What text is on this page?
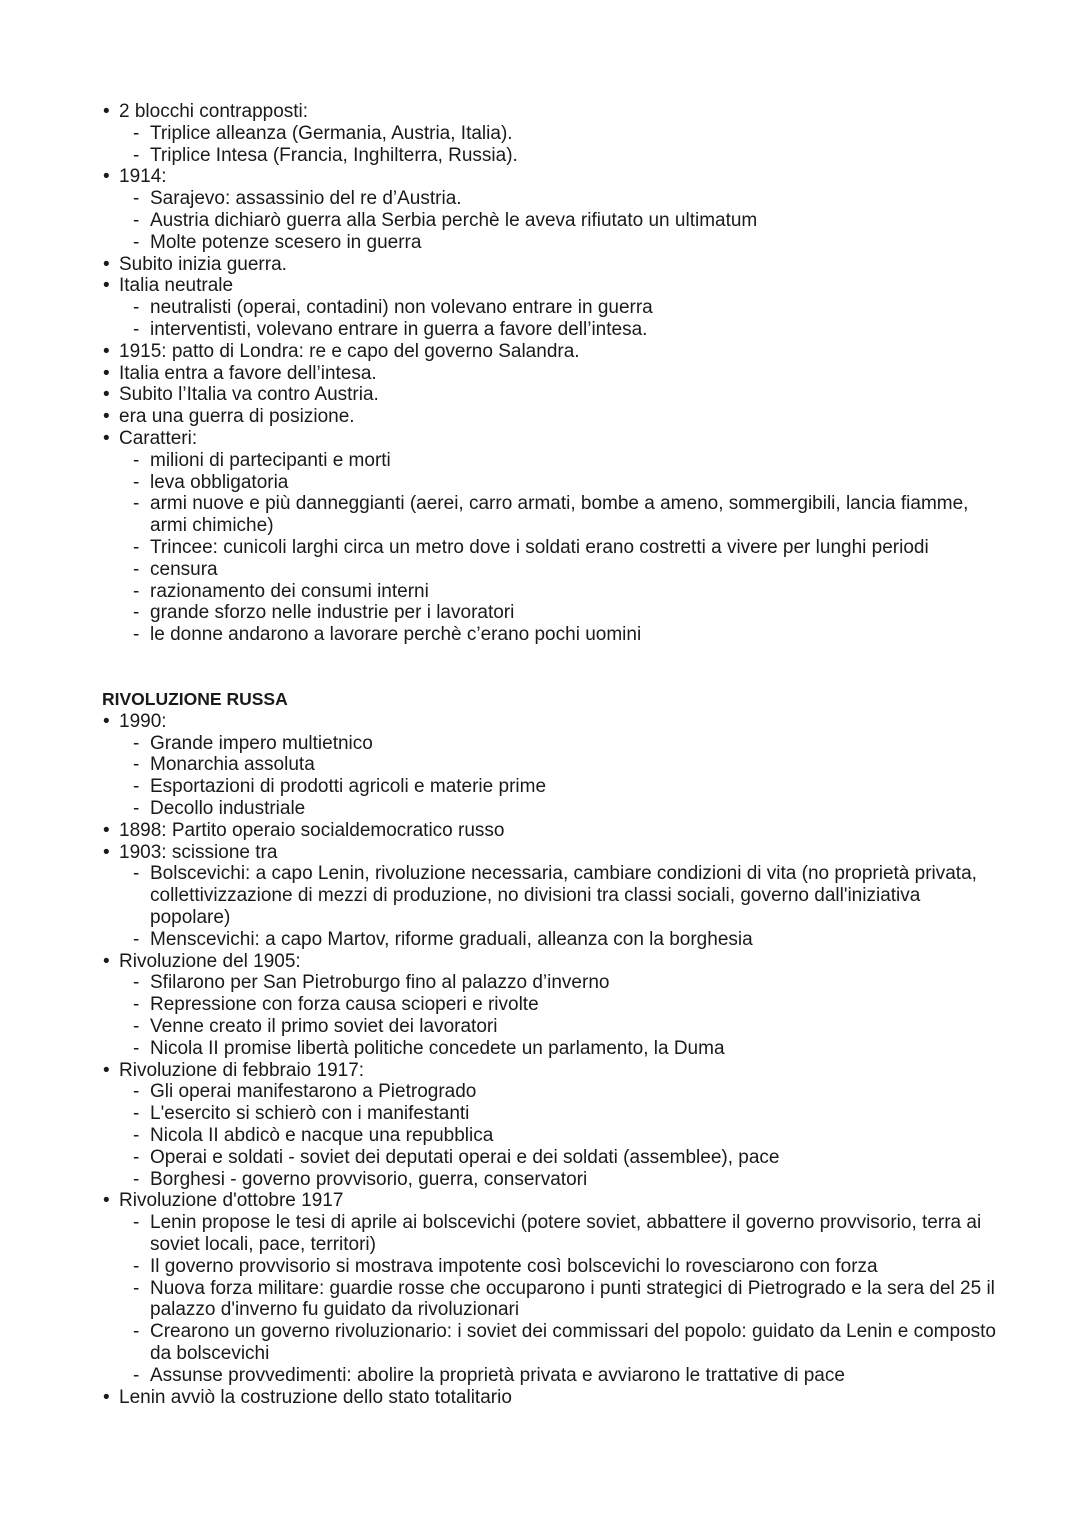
• 2 blocchi contrapposti:
- Triplice alleanza (Germania, Austria, Italia).
- Triplice Intesa (Francia, Inghilterra, Russia).
• 1914:
- Sarajevo: assassinio del re d’Austria.
- Austria dichiarò guerra alla Serbia perchè le aveva rifiutato un ultimatum
- Molte potenze scesero in guerra
• Subito inizia guerra.
• Italia neutrale
- neutralisti (operai, contadini) non volevano entrare in guerra
- interventisti, volevano entrare in guerra a favore dell’intesa.
• 1915: patto di Londra: re e capo del governo Salandra.
• Italia entra a favore dell’intesa.
• Subito l’Italia va contro Austria.
• era una guerra di posizione.
• Caratteri:
- milioni di partecipanti e morti
- leva obbligatoria
- armi nuove e più danneggianti (aerei, carro armati, bombe a ameno, sommergibili, lancia fiamme, armi chimiche)
- Trincee: cunicoli larghi circa un metro dove i soldati erano costretti a vivere per lunghi periodi
- censura
- razionamento dei consumi interni
- grande sforzo nelle industrie per i lavoratori
- le donne andarono a lavorare perchè c’erano pochi uomini

RIVOLUZIONE RUSSA

• 1990:
- Grande impero multietnico
- Monarchia assoluta
- Esportazioni di prodotti agricoli e materie prime
- Decollo industriale
• 1898: Partito operaio socialdemocratico russo
• 1903: scissione tra
- Bolscevichi: a capo Lenin, rivoluzione necessaria, cambiare condizioni di vita (no proprietà privata, collettivizzazione di mezzi di produzione, no divisioni tra classi sociali, governo dall'iniziativa popolare)
- Menscevichi: a capo Martov, riforme graduali, alleanza con la borghesia
• Rivoluzione del 1905:
- Sfilarono per San Pietroburgo fino al palazzo d’inverno
- Repressione con forza causa scioperi e rivolte
- Venne creato il primo soviet dei lavoratori
- Nicola II promise libertà politiche concedete un parlamento, la Duma
• Rivoluzione di febbraio 1917:
- Gli operai manifestarono a Pietrogrado
- L'esercito si schierò con i manifestanti
- Nicola II abdicò e nacque una repubblica
- Operai e soldati - soviet dei deputati operai e dei soldati (assemblee), pace
- Borghesi - governo provvisorio, guerra, conservatori
• Rivoluzione d'ottobre 1917
- Lenin propose le tesi di aprile ai bolscevichi (potere soviet, abbattere il governo provvisorio, terra ai soviet locali, pace, territori)
- Il governo provvisorio si mostrava impotente così bolscevichi lo rovesciarono con forza
- Nuova forza militare: guardie rosse che occuparono i punti strategici di Pietrogrado e la sera del 25 il palazzo d'inverno fu guidato da rivoluzionari
- Crearono un governo rivoluzionario: i soviet dei commissari del popolo: guidato da Lenin e composto da bolscevichi
- Assunse provvedimenti: abolire la proprietà privata e avviarono le trattative di pace
• Lenin avviò la costruzione dello stato totalitario
